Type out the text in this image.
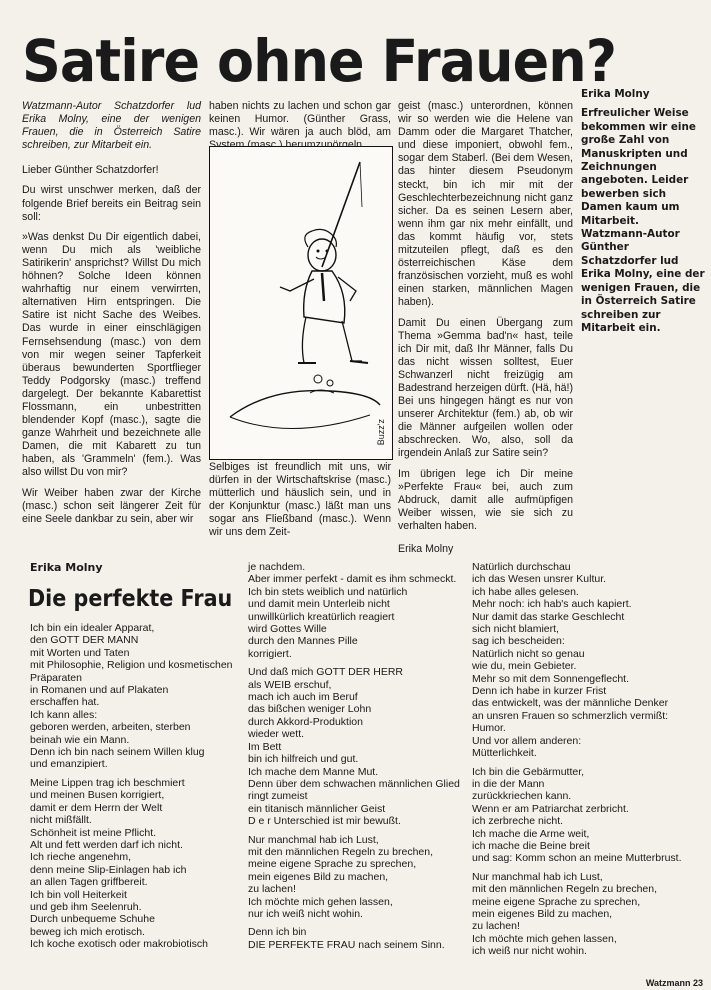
Satire ohne Frauen?

Watzmann-Autor Schatzdorfer lud Erika Molny, eine der wenigen Frauen, die in Österreich Satire schreiben, zur Mitarbeit ein.

Lieber Günther Schatzdorfer!

Du wirst unschwer merken, daß der folgende Brief bereits ein Beitrag sein soll:

»Was denkst Du Dir eigentlich dabei, wenn Du mich als 'weibliche Satirikerin' ansprichst? Willst Du mich höhnen? Solche Ideen können wahrhaftig nur einem verwirrten, alternativen Hirn entspringen. Die Satire ist nicht Sache des Weibes. Das wurde in einer einschlägigen Fernsehsendung (masc.) von dem von mir wegen seiner Tapferkeit überaus bewunderten Sportflieger Teddy Podgorsky (masc.) treffend dargelegt. Der bekannte Kabarettist Flossmann, ein unbestritten blendender Kopf (masc.), sagte die ganze Wahrheit und bezeichnete alle Damen, die mit Kabarett zu tun haben, als 'Grammeln' (fem.). Was also willst Du von mir?

Wir Weiber haben zwar der Kirche (masc.) schon seit längerer Zeit für eine Seele dankbar zu sein, aber wir

haben nichts zu lachen und schon gar keinen Humor. (Günther Grass, masc.). Wir wären ja auch blöd, am

Buzz'z

Selbiges ist freundlich mit uns, wir dürfen in der Wirtschaftskrise (masc.) mütterlich und häuslich sein, und in der Konjunktur (masc.) läßt man uns sogar ans Fließband (masc.). Wenn wir uns dem Zeit-

geist (masc.) unterordnen, können wir so werden wie die Helene van Damm oder die Margaret Thatcher, und diese imponiert, obwohl fem., sogar dem Staberl. (Bei dem Wesen, das hinter diesem Pseudonym steckt, bin ich mir mit der Geschlechterbezeichnung nicht ganz sicher. Da es seinen Lesern aber, wenn ihm gar nix mehr einfällt, und das kommt häufig vor, stets mitzuteilen pflegt, daß es den österreichischen Käse dem französischen vorzieht, muß es wohl einen starken, männlichen Magen haben).

Damit Du einen Übergang zum Thema »Gemma bad'n« hast, teile ich Dir mit, daß Ihr Männer, falls Du das nicht wissen solltest, Euer Schwanzerl nicht freizügig am Badestrand herzeigen dürft. (Hä, hä!) Bei uns hingegen hängt es nur von unserer Architektur (fem.) ab, ob wir die Männer aufgeilen wollen oder abschrecken. Wo, also, soll da irgendein Anlaß zur Satire sein?

Im übrigen lege ich Dir meine »Perfekte Frau« bei, auch zum Abdruck, damit alle aufmüpfigen Weiber wissen, wie sie sich zu verhalten haben.

Erika Molny

Erika Molny
Erfreulicher Weise bekommen wir eine große Zahl von Manuskripten und Zeichnungen angeboten. Leider bewerben sich Damen kaum um Mitarbeit. Watzmann-Autor Günther Schatzdorfer lud Erika Molny, eine der wenigen Frauen, die in Österreich Satire schreiben zur Mitarbeit ein.
Erika Molny
Die perfekte Frau

Ich bin ein idealer Apparat,
den GOTT DER MANN
mit Worten und Taten
mit Philosophie, Religion und kosmetischen
Präparaten
in Romanen und auf Plakaten
erschaffen hat.
Ich kann alles:
geboren werden, arbeiten, sterben
beinah wie ein Mann.
Denn ich bin nach seinem Willen klug
und emanzipiert.

Meine Lippen trag ich beschmiert
und meinen Busen korrigiert,
damit er dem Herrn der Welt
nicht mißfällt.
Schönheit ist meine Pflicht.
Alt und fett werden darf ich nicht.
Ich rieche angenehm,
denn meine Slip-Einlagen hab ich
an allen Tagen griffbereit.
Ich bin voll Heiterkeit
und geb ihm Seelenruh.
Durch unbequeme Schuhe
beweg ich mich erotisch.
Ich koche exotisch oder makrobiotisch

je nachdem.
Aber immer perfekt - damit es ihm schmeckt.
Ich bin stets weiblich und natürlich
und damit mein Unterleib nicht
unwillkürlich kreatürlich reagiert
wird Gottes Wille
durch den Mannes Pille
korrigiert.

Und daß mich GOTT DER HERR
als WEIB erschuf,
mach ich auch im Beruf
das bißchen weniger Lohn
durch Akkord-Produktion
wieder wett.
Im Bett
bin ich hilfreich und gut.
Ich mache dem Manne Mut.
Denn über dem schwachen männlichen Glied
ringt zumeist
ein titanisch männlicher Geist
D e r Unterschied ist mir bewußt.

Nur manchmal hab ich Lust,
mit den männlichen Regeln zu brechen,
meine eigene Sprache zu sprechen,
mein eigenes Bild zu machen,
zu lachen!
Ich möchte mich gehen lassen,
nur ich weiß nicht wohin.

Denn ich bin
DIE PERFEKTE FRAU nach seinem Sinn.

Natürlich durchschau
ich das Wesen unsrer Kultur.
ich habe alles gelesen.
Mehr noch: ich hab's auch kapiert.
Nur damit das starke Geschlecht
sich nicht blamiert,
sag ich bescheiden:
Natürlich nicht so genau
wie du, mein Gebieter.
Mehr so mit dem Sonnengeflecht.
Denn ich habe in kurzer Frist
das entwickelt, was der männliche Denker
an unsren Frauen so schmerzlich vermißt:
Humor.
Und vor allem anderen:
Mütterlichkeit.

Ich bin die Gebärmutter,
in die der Mann
zurückkriechen kann.
Wenn er am Patriarchat zerbricht.
ich zerbreche nicht.
Ich mache die Arme weit,
ich mache die Beine breit
und sag: Komm schon an meine Mutterbrust.

Nur manchmal hab ich Lust,
mit den männlichen Regeln zu brechen,
meine eigene Sprache zu sprechen,
mein eigenes Bild zu machen,
zu lachen!
Ich möchte mich gehen lassen,
ich weiß nur nicht wohin.

Watzmann 23
